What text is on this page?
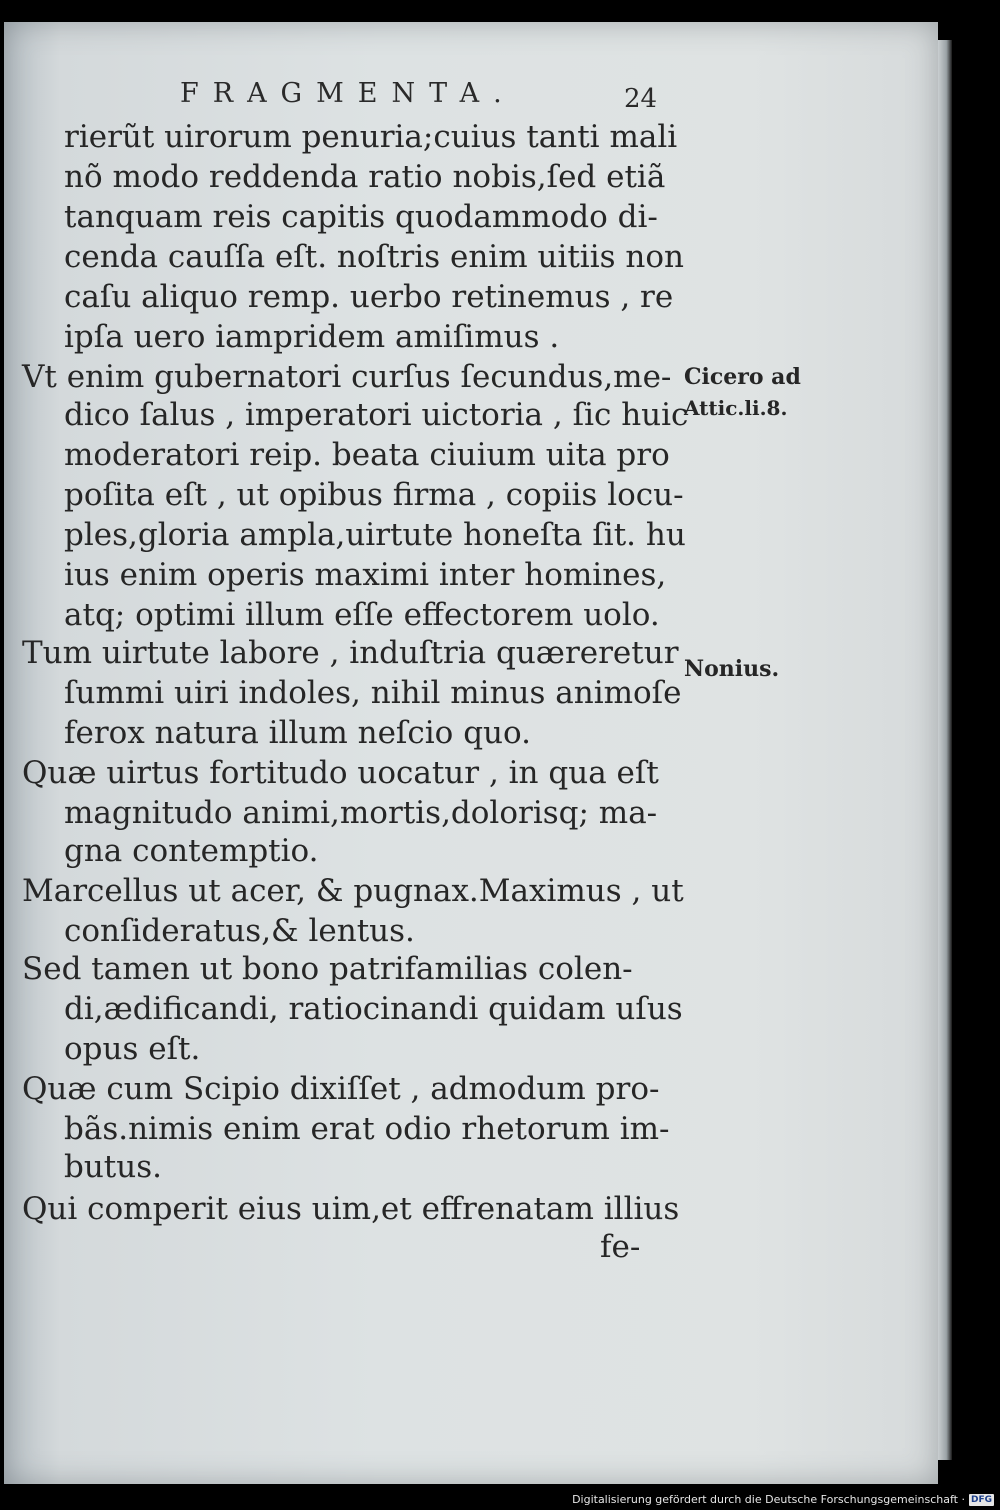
FRAGMENTA.	24
rierũt uirorum penuria;cuius tanti mali
nõ modo reddenda ratio nobis,ſed etiã
tanquam reis capitis quodammodo di-
cenda cauſſa eſt. noſtris enim uitiis non
caſu aliquo remp. uerbo retinemus , re
ipſa uero iampridem amiſimus .
Vt enim gubernatori curſus ſecundus,me-
dico ſalus , imperatori uictoria , ſic huic
moderatori reip. beata ciuium uita pro
poſita eſt , ut opibus firma , copiis locu-
ples,gloria ampla,uirtute honeſta ſit. hu
ius enim operis maximi inter homines,
atq; optimi illum eſſe effectorem uolo.
Tum uirtute labore , induſtria quæreretur
ſummi uiri indoles, nihil minus animoſe
ferox natura illum neſcio quo.
Quæ uirtus fortitudo uocatur , in qua eſt
magnitudo animi,mortis,dolorisq; ma-
gna contemptio.
Marcellus ut acer, & pugnax.Maximus , ut
conſideratus,& lentus.
Sed tamen ut bono patrifamilias colen-
di,ædificandi, ratiocinandi quidam uſus
opus eſt.
Quæ cum Scipio dixiſſet , admodum pro-
bãs.nimis enim erat odio rhetorum im-
butus.
Qui comperit eius uim,et effrenatam illius
fe-
Cicero ad
Attic.li.8.
Nonius.
Digitalisierung gefördert durch die Deutsche Forschungsgemeinschaft · DFG
